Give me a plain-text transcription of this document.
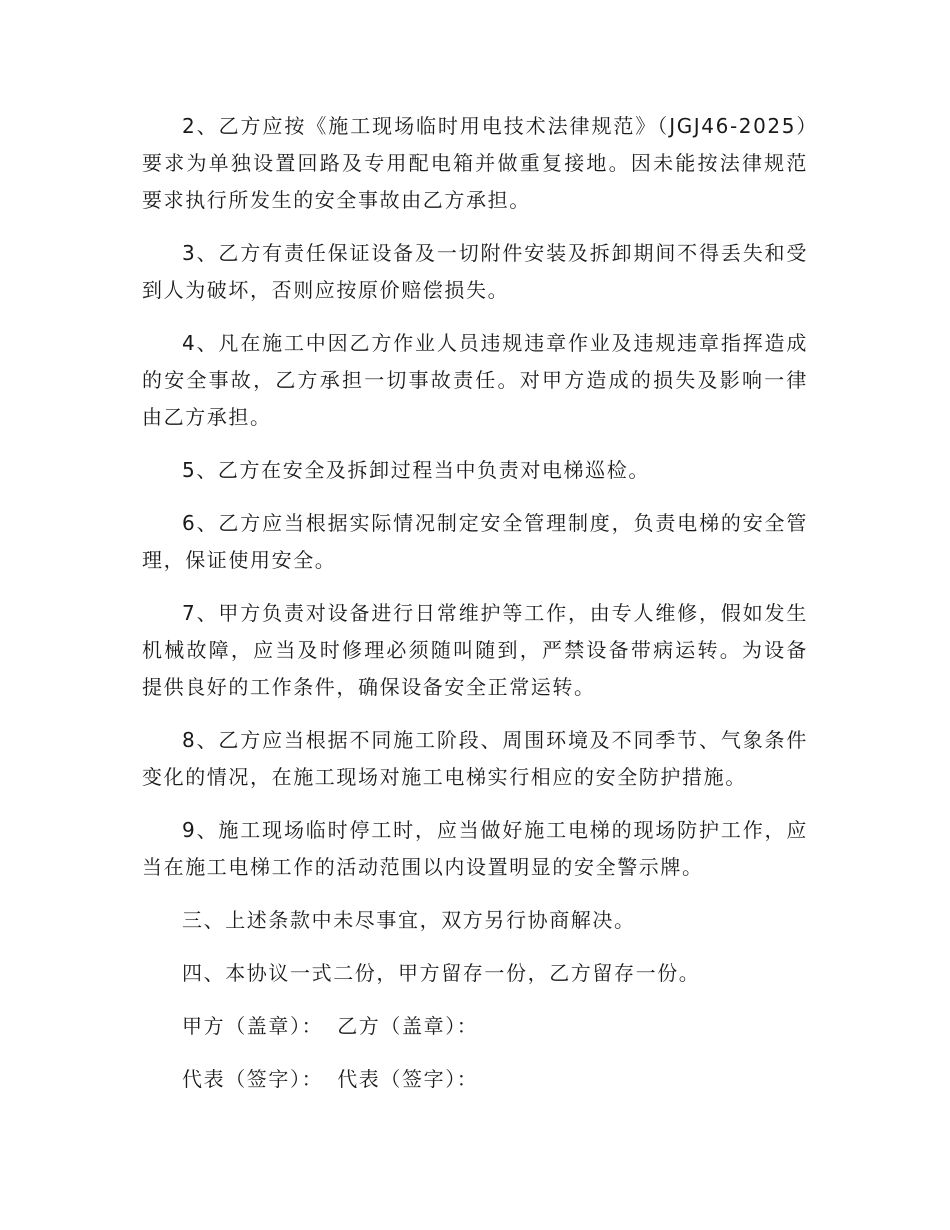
2、乙方应按《施工现场临时用电技术法律规范》（JGJ46-2025）要求为单独设置回路及专用配电箱并做重复接地。因未能按法律规范要求执行所发生的安全事故由乙方承担。

3、乙方有责任保证设备及一切附件安装及拆卸期间不得丢失和受到人为破坏，否则应按原价赔偿损失。

4、凡在施工中因乙方作业人员违规违章作业及违规违章指挥造成的安全事故，乙方承担一切事故责任。对甲方造成的损失及影响一律由乙方承担。

5、乙方在安全及拆卸过程当中负责对电梯巡检。

6、乙方应当根据实际情况制定安全管理制度，负责电梯的安全管理，保证使用安全。

7、甲方负责对设备进行日常维护等工作，由专人维修，假如发生机械故障，应当及时修理必须随叫随到，严禁设备带病运转。为设备提供良好的工作条件，确保设备安全正常运转。

8、乙方应当根据不同施工阶段、周围环境及不同季节、气象条件变化的情况，在施工现场对施工电梯实行相应的安全防护措施。

9、施工现场临时停工时，应当做好施工电梯的现场防护工作，应当在施工电梯工作的活动范围以内设置明显的安全警示牌。

三、上述条款中未尽事宜，双方另行协商解决。

四、本协议一式二份，甲方留存一份，乙方留存一份。

甲方（盖章）： 乙方（盖章）：
代表（签字）： 代表（签字）：
